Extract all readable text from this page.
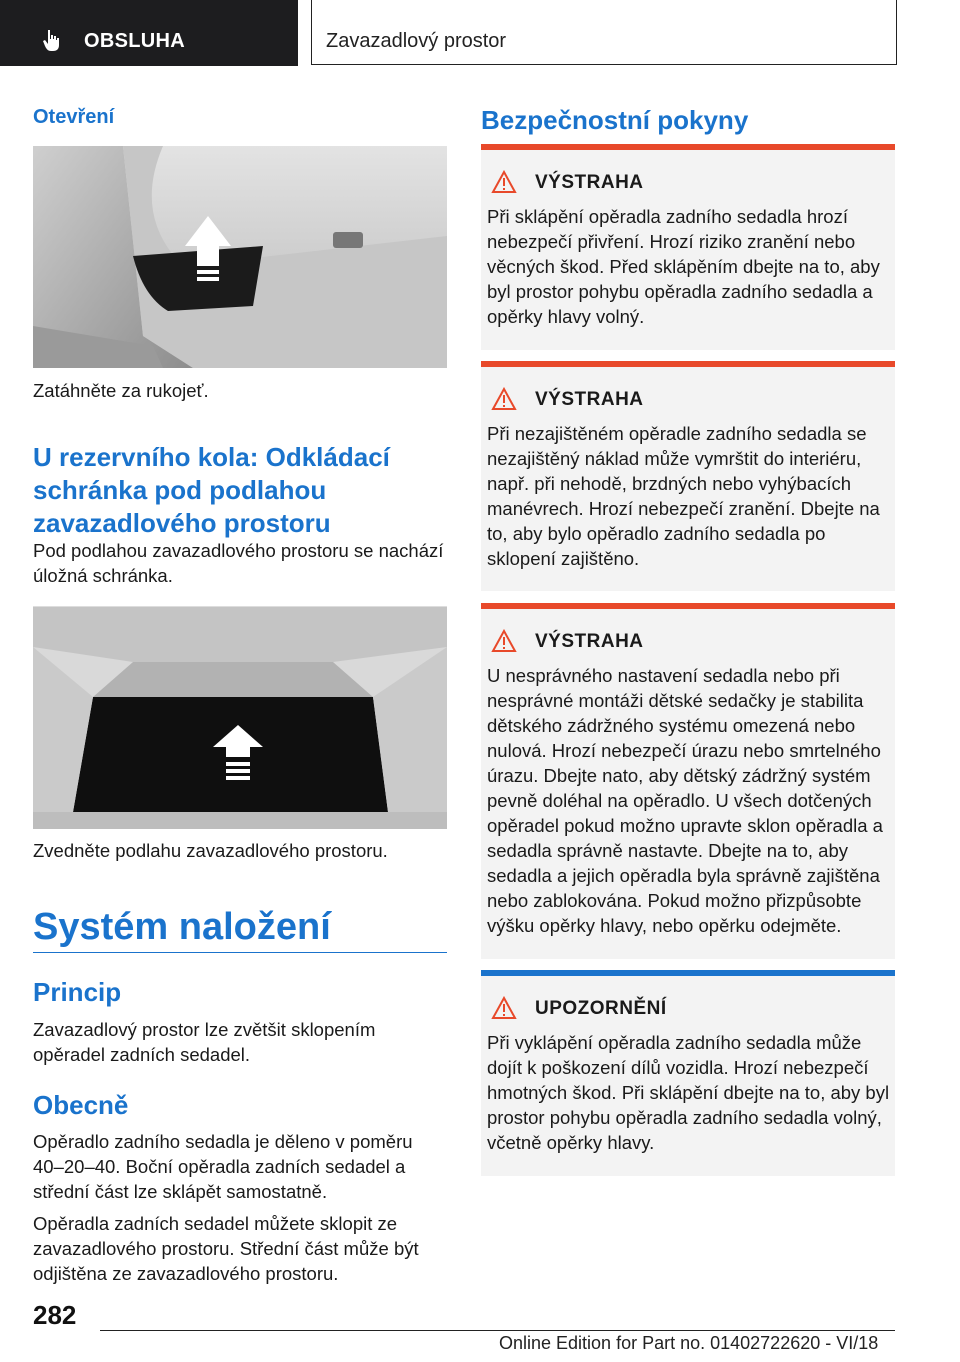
OBSLUHA	Zavazadlový prostor
Otevření

Zatáhněte za rukojeť.

U rezervního kola: Odkládací schránka pod podlahou zavazadlového prostoru

Pod podlahou zavazadlového prostoru se nachází úložná schránka.

Zvedněte podlahu zavazadlového prostoru.

Systém naložení
Princip

Zavazadlový prostor lze zvětšit sklopením opěradel zadních sedadel.

Obecně

Opěradlo zadního sedadla je děleno v poměru 40–20–40. Boční opěradla zadních sedadel a střední část lze sklápět samostatně.

Opěradla zadních sedadel můžete sklopit ze zavazadlového prostoru. Střední část může být odjištěna ze zavazadlového prostoru.

Bezpečnostní pokyny
VÝSTRAHA

Při sklápění opěradla zadního sedadla hrozí nebezpečí přivření. Hrozí riziko zranění nebo věcných škod. Před sklápěním dbejte na to, aby byl prostor pohybu opěradla zadního sedadla a opěrky hlavy volný.

VÝSTRAHA

Při nezajištěném opěradle zadního sedadla se nezajištěný náklad může vymrštit do interiéru, např. při nehodě, brzdných nebo vyhýbacích manévrech. Hrozí nebezpečí zranění. Dbejte na to, aby bylo opěradlo zadního sedadla po sklopení zajištěno.

VÝSTRAHA

U nesprávného nastavení sedadla nebo při nesprávné montáži dětské sedačky je stabilita dětského zádržného systému omezená nebo nulová. Hrozí nebezpečí úrazu nebo smrtelného úrazu. Dbejte nato, aby dětský zádržný systém pevně doléhal na opěradlo. U všech dotčených opěradel pokud možno upravte sklon opěradla a sedadla správně nastavte. Dbejte na to, aby sedadla a jejich opěradla byla správně zajištěna nebo zablokována. Pokud možno přizpůsobte výšku opěrky hlavy, nebo opěrku odejměte.

UPOZORNĚNÍ

Při vyklápění opěradla zadního sedadla může dojít k poškození dílů vozidla. Hrozí nebezpečí hmotných škod. Při sklápění dbejte na to, aby byl prostor pohybu opěradla zadního sedadla volný, včetně opěrky hlavy.

282
Online Edition for Part no. 01402722620 - VI/18
